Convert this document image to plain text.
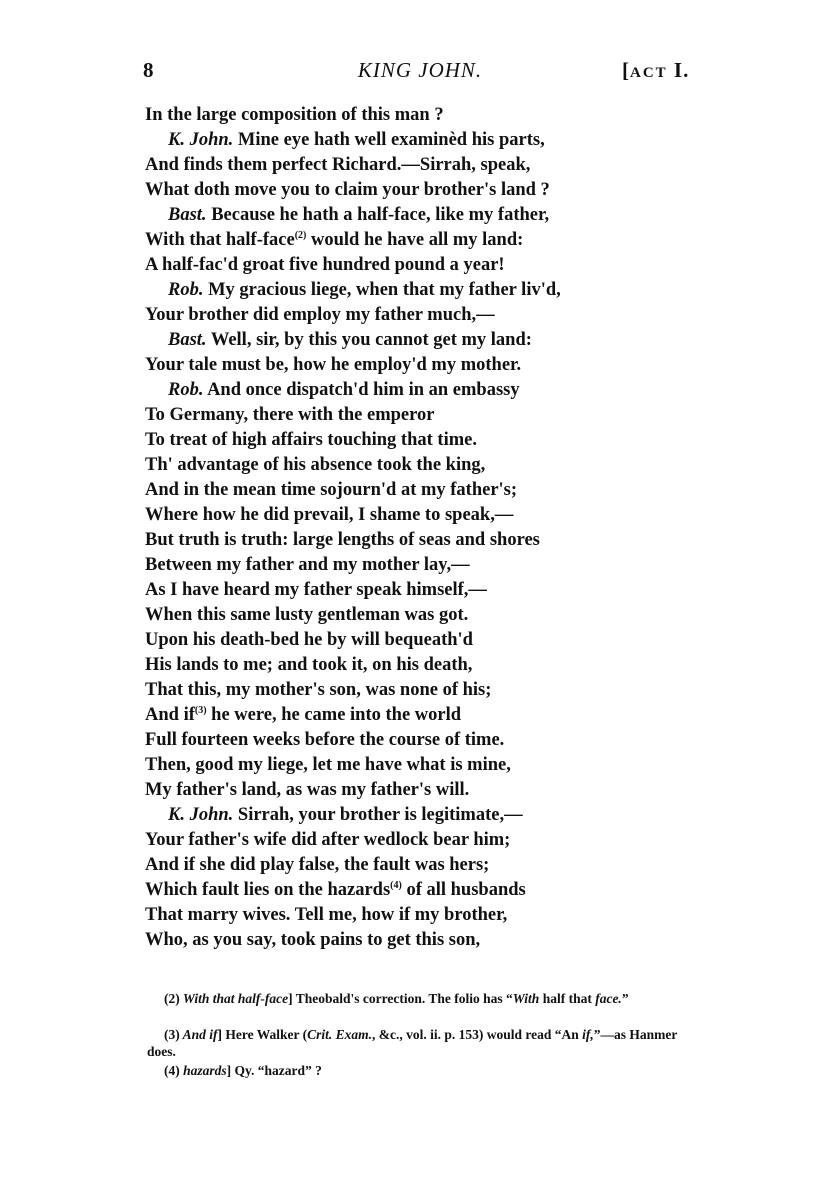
8	KING JOHN.	[ACT I.
In the large composition of this man ?
K. John. Mine eye hath well examinèd his parts,
And finds them perfect Richard.—Sirrah, speak,
What doth move you to claim your brother's land ?
Bast. Because he hath a half-face, like my father,
With that half-face$^{(2)}$ would he have all my land:
A half-fac'd groat five hundred pound a year!
Rob. My gracious liege, when that my father liv'd,
Your brother did employ my father much,—
Bast. Well, sir, by this you cannot get my land:
Your tale must be, how he employ'd my mother.
Rob. And once dispatch'd him in an embassy
To Germany, there with the emperor
To treat of high affairs touching that time.
Th' advantage of his absence took the king,
And in the mean time sojourn'd at my father's;
Where how he did prevail, I shame to speak,—
But truth is truth: large lengths of seas and shores
Between my father and my mother lay,—
As I have heard my father speak himself,—
When this same lusty gentleman was got.
Upon his death-bed he by will bequeath'd
His lands to me; and took it, on his death,
That this, my mother's son, was none of his;
And $if^{(3)}$ he were, he came into the world
Full fourteen weeks before the course of time.
Then, good my liege, let me have what is mine,
My father's land, as was my father's will.
K. John. Sirrah, your brother is legitimate,—
Your father's wife did after wedlock bear him;
And if she did play false, the fault was hers;
Which fault lies on the hazards$^{(4)}$ of all husbands
That marry wives. Tell me, how if my brother,
Who, as you say, took pains to get this son,
(2) With that half-face] Theobald's correction. The folio has “With half that face.”
(3) And if] Here Walker (Crit. Exam., &c., vol. ii. p. 153) would read “An if,”—as Hanmer does.
(4) hazards] Qy. “hazard” ?
